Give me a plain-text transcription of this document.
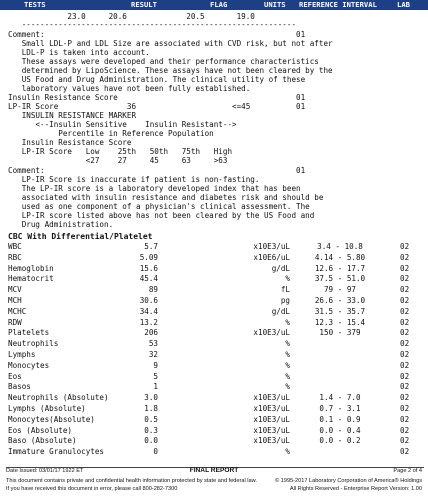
TESTS	RESULT	FLAG	UNITS REFERENCE INTERVAL	LAB
23.0     20.6             20.5       19.0
------------------------------------------------------------
Comment:                                                       01
Small LDL-P and LDL Size are associated with CVD risk, but not after
LDL-P is taken into account.
These assays were developed and their performance characteristics
determined by LipoScience. These assays have not been cleared by the
US Food and Drug Administration. The clinical utility of these
laboratory values have not been fully established.
Insulin Resistance Score                                       01
LP-IR Score               36                     <=45          01
INSULIN RESISTANCE MARKER
<--Insulin Sensitive    Insulin Resistant-->
Percentile in Reference Population
Insulin Resistance Score
LP-IR Score   Low    25th   50th   75th   High
<27    27     45     63     >63
Comment:                                                       01
LP-IR Score is inaccurate if patient is non-fasting.
The LP-IR score is a laboratory developed index that has been
associated with insulin resistance and diabetes risk and should be
used as one component of a physician's clinical assessment. The
LP-IR score listed above has not been cleared by the US Food and
Drug Administration.
CBC With Differential/Platelet
WBC	5.7	x10E3/uL	3.4 - 10.8	02
RBC	5.09	x10E6/uL	4.14 - 5.80	02
Hemoglobin	15.6	g/dL	12.6 - 17.7	02
Hematocrit	45.4	%	37.5 - 51.0	02
MCV	89	fL	79 - 97	02
MCH	30.6	pg	26.6 - 33.0	02
MCHC	34.4	g/dL	31.5 - 35.7	02
RDW	13.2	%	12.3 - 15.4	02
Platelets	206	x10E3/uL	150 - 379	02
Neutrophils	53	%	02
Lymphs	32	%	02
Monocytes	9	%	02
Eos	5	%	02
Basos	1	%	02
Neutrophils (Absolute)	3.0	x10E3/uL	1.4 - 7.0	02
Lymphs (Absolute)	1.8	x10E3/uL	0.7 - 3.1	02
Monocytes(Absolute)	0.5	x10E3/uL	0.1 - 0.9	02
Eos (Absolute)	0.3	x10E3/uL	0.0 - 0.4	02
Baso (Absolute)	0.0	x10E3/uL	0.0 - 0.2	02
Immature Granulocytes	0	%	02
Date Issued: 03/01/17 1922 ET	FINAL REPORT	Page 2 of 4
This document contains private and confidential health information protected by state and federal law.
If you have received this document in error, please call 800-282-7300
© 1995-2017 Laboratory Corporation of America® Holdings
All Rights Reserved - Enterprise Report Version: 1.00
